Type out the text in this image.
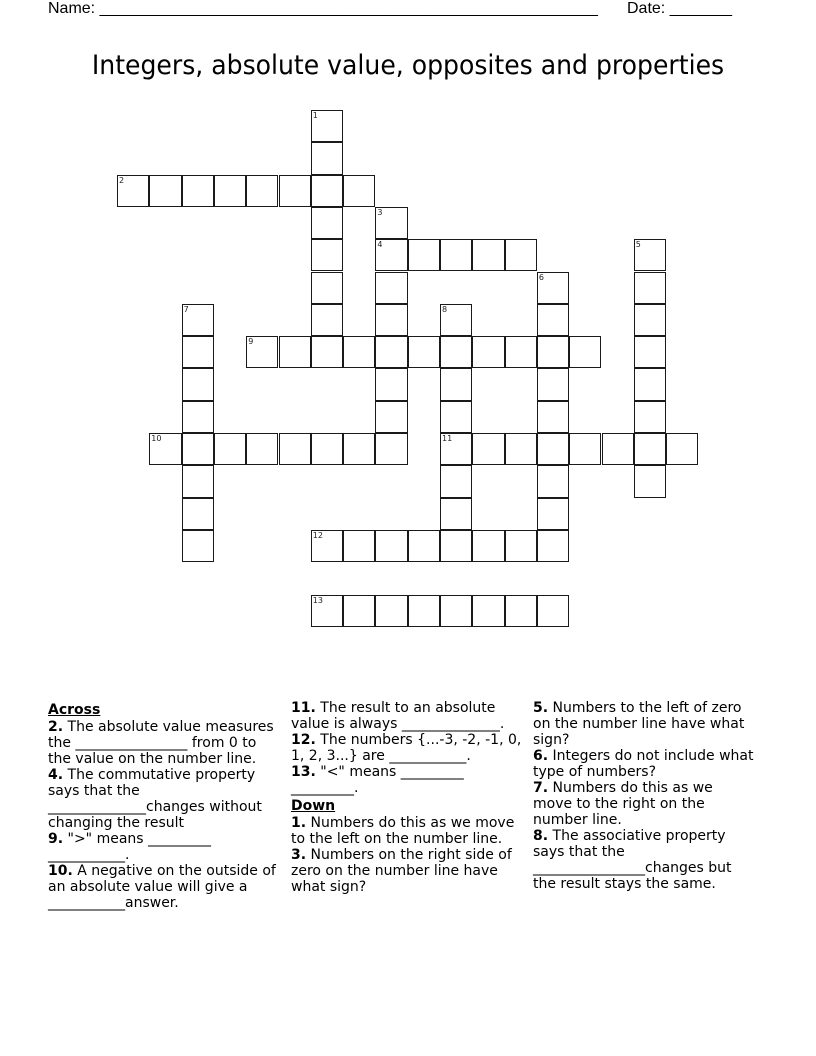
Name: ________________________________________________________ Date: _______
Integers, absolute value, opposites and properties
1
2
3
4	5
6
7	8
11
9
10
12
13
Across

2. The absolute value measures the ________________ from 0 to the value on the number line.

4. The commutative property says that the ______________changes without changing the result

9. ">" means _________ ___________.

10. A negative on the outside of an absolute value will give a ___________answer.

11. The result to an absolute value is always ______________.

12. The numbers {...-3, -2, -1, 0, 1, 2, 3...} are ___________.

13. "<" means _________ _________.

Down

1. Numbers do this as we move to the left on the number line.

3. Numbers on the right side of zero on the number line have what sign?

5. Numbers to the left of zero on the number line have what sign?

6. Integers do not include what type of numbers?

7. Numbers do this as we move to the right on the number line.

8. The associative property says that the ________________changes but the result stays the same.
